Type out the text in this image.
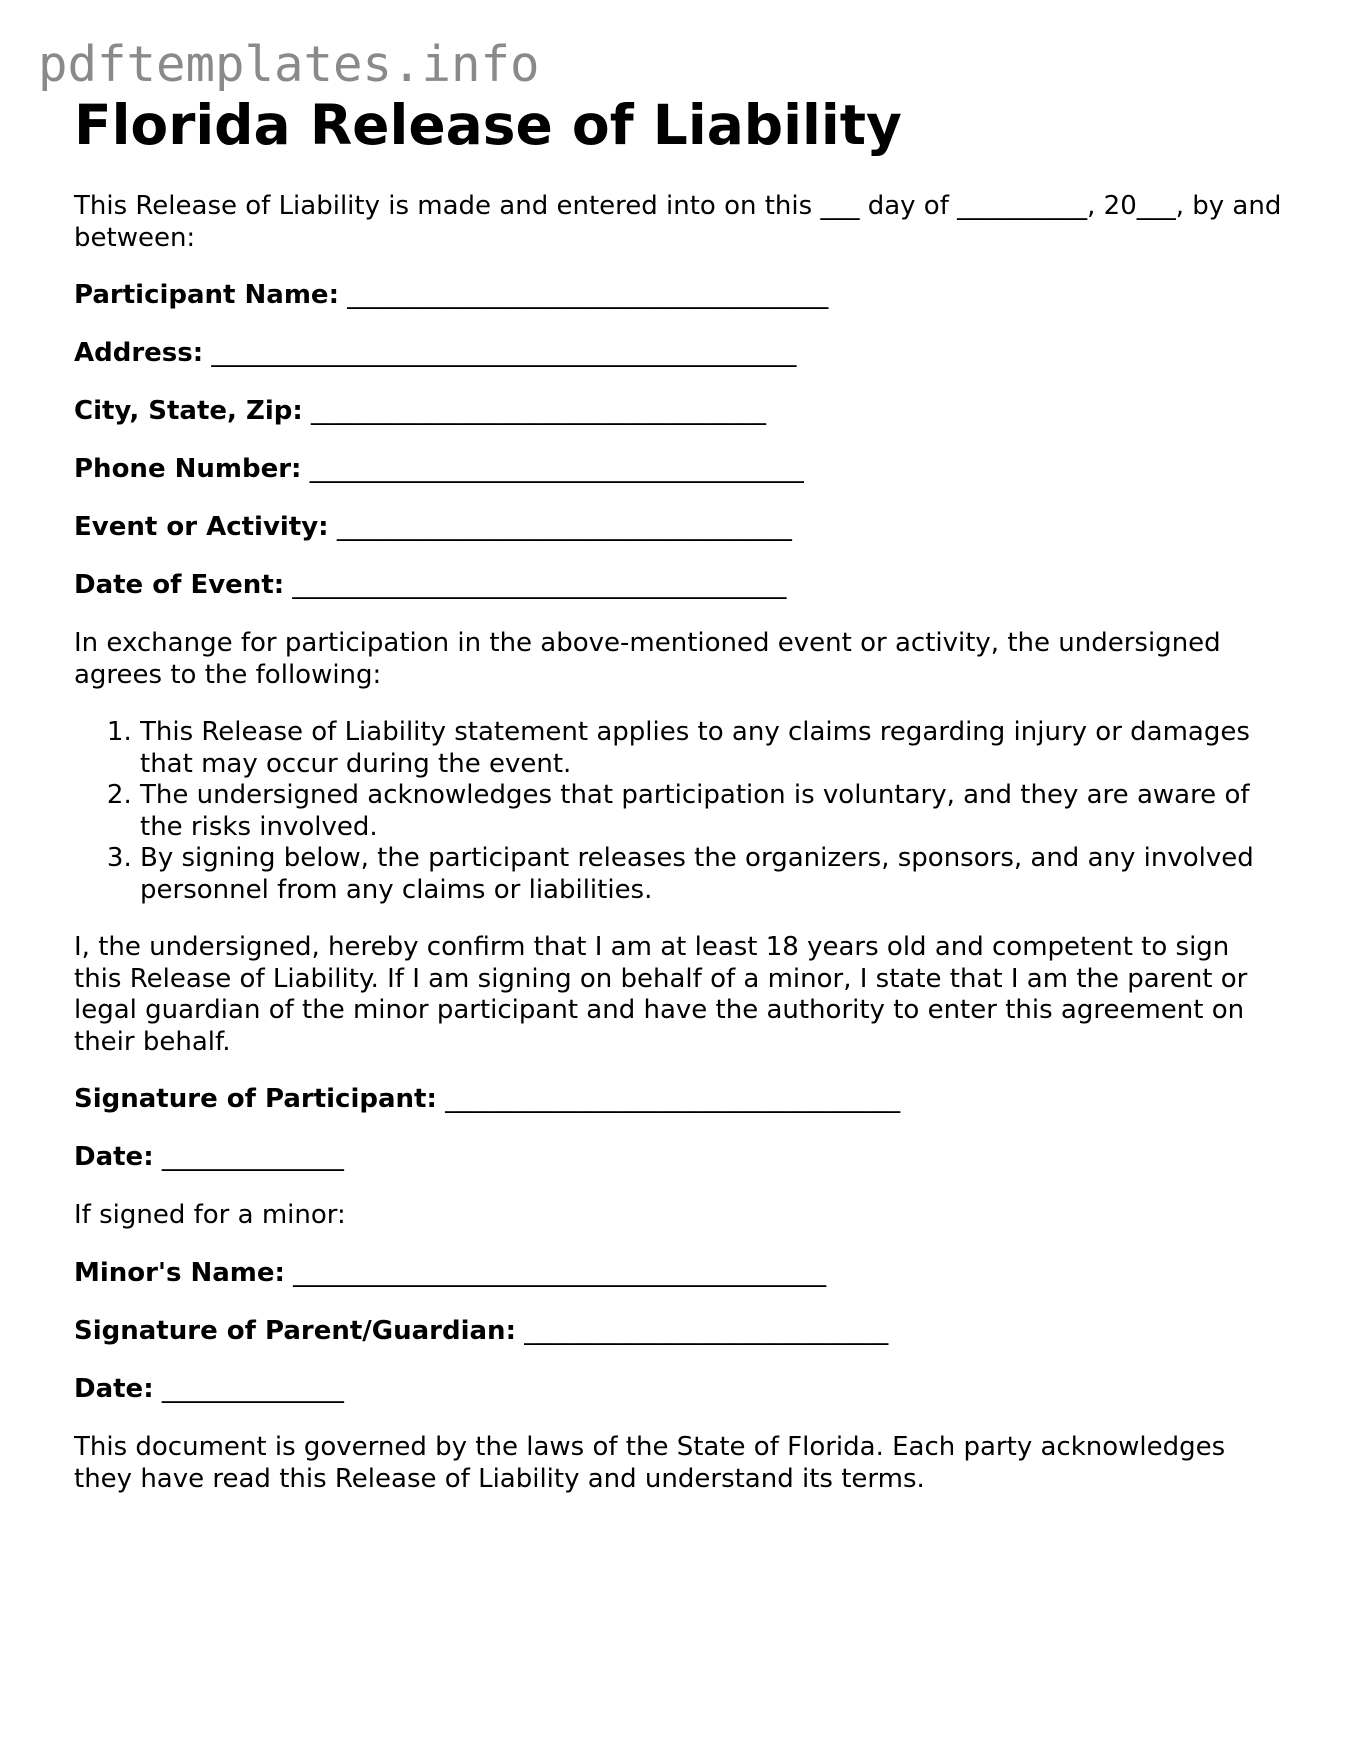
pdftemplates.info
Florida Release of Liability

This Release of Liability is made and entered into on this ___ day of __________, 20___, by and between:

Participant Name: _____________________________________
Address: _____________________________________________
City, State, Zip: ___________________________________
Phone Number: ______________________________________
Event or Activity: ___________________________________
Date of Event: ______________________________________

In exchange for participation in the above-mentioned event or activity, the undersigned agrees to the following:

1. This Release of Liability statement applies to any claims regarding injury or damages that may occur during the event.
2. The undersigned acknowledges that participation is voluntary, and they are aware of the risks involved.
3. By signing below, the participant releases the organizers, sponsors, and any involved personnel from any claims or liabilities.

I, the undersigned, hereby confirm that I am at least 18 years old and competent to sign this Release of Liability. If I am signing on behalf of a minor, I state that I am the parent or legal guardian of the minor participant and have the authority to enter this agreement on their behalf.

Signature of Participant: ___________________________________
Date: ______________
If signed for a minor:
Minor's Name: _________________________________________
Signature of Parent/Guardian: ____________________________
Date: ______________

This document is governed by the laws of the State of Florida. Each party acknowledges they have read this Release of Liability and understand its terms.
